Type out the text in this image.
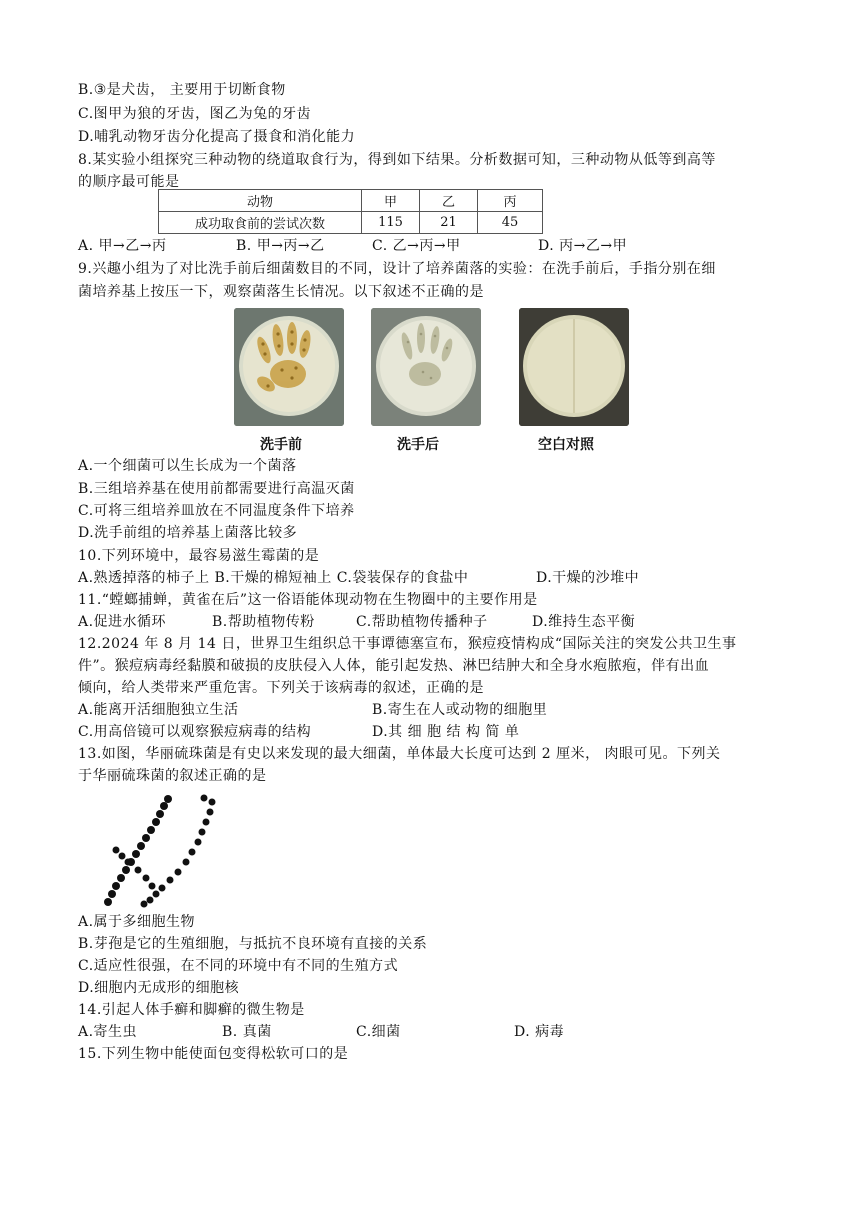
B.③是犬齿， 主要用于切断食物
C.图甲为狼的牙齿，图乙为兔的牙齿
D.哺乳动物牙齿分化提高了摄食和消化能力
8.某实验小组探究三种动物的绕道取食行为，得到如下结果。分析数据可知，三种动物从低等到高等
的顺序最可能是
动物	甲	乙	丙
成功取食前的尝试次数	115	21	45
A. 甲→乙→丙	B. 甲→丙→乙	C. 乙→丙→甲	D. 丙→乙→甲
9.兴趣小组为了对比洗手前后细菌数目的不同，设计了培养菌落的实验：在洗手前后，手指分别在细
菌培养基上按压一下，观察菌落生长情况。以下叙述不正确的是
A.一个细菌可以生长成为一个菌落
B.三组培养基在使用前都需要进行高温灭菌
C.可将三组培养皿放在不同温度条件下培养
D.洗手前组的培养基上菌落比较多
10.下列环境中，最容易滋生霉菌的是
A.熟透掉落的柿子上 B.干燥的棉短袖上 C.袋装保存的食盐中	D.干燥的沙堆中
11.“螳螂捕蝉，黄雀在后”这一俗语能体现动物在生物圈中的主要作用是
A.促进水循环	B.帮助植物传粉	C.帮助植物传播种子	D.维持生态平衡
12.2024 年 8 月 14 日，世界卫生组织总干事谭德塞宣布，猴痘疫情构成“国际关注的突发公共卫生事
件”。猴痘病毒经黏膜和破损的皮肤侵入人体，能引起发热、淋巴结肿大和全身水疱脓疱，伴有出血
倾向，给人类带来严重危害。下列关于该病毒的叙述，正确的是
A.能离开活细胞独立生活	B.寄生在人或动物的细胞里
C.用高倍镜可以观察猴痘病毒的结构	D.其 细 胞 结 构 简 单
13.如图，华丽硫珠菌是有史以来发现的最大细菌，单体最大长度可达到 2 厘米， 肉眼可见。下列关
于华丽硫珠菌的叙述正确的是
A.属于多细胞生物
B.芽孢是它的生殖细胞，与抵抗不良环境有直接的关系
C.适应性很强，在不同的环境中有不同的生殖方式
D.细胞内无成形的细胞核
14.引起人体手癣和脚癣的微生物是
A.寄生虫	B. 真菌	C.细菌	D. 病毒
15.下列生物中能使面包变得松软可口的是
洗手前	洗手后	空白对照
